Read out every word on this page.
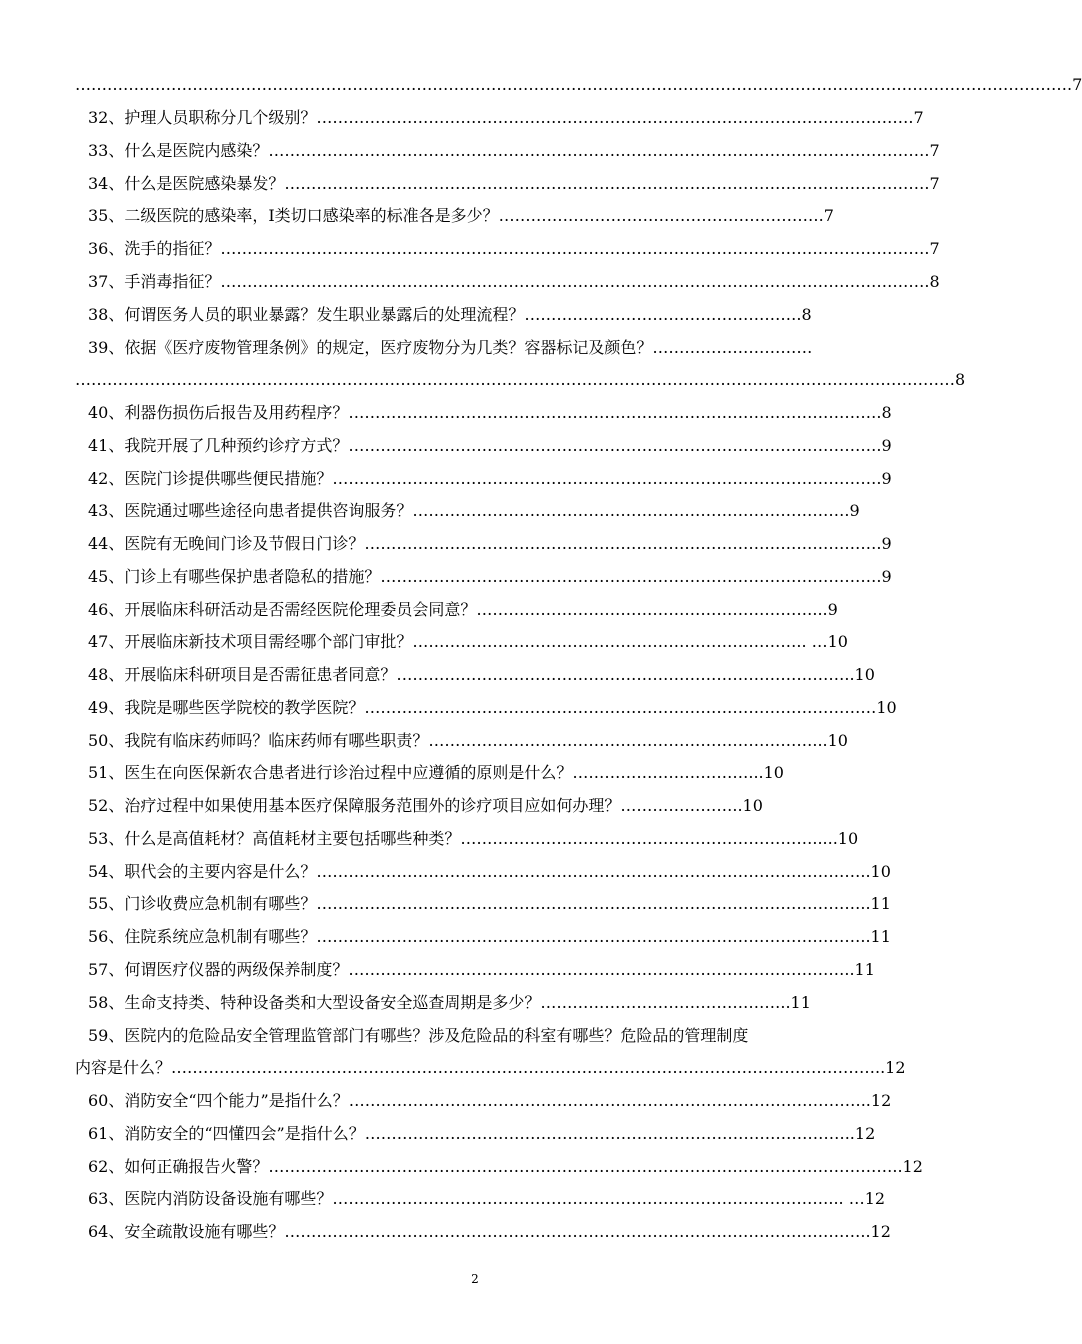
…………………………………………………………………………………………………………………………………………………………………….7
32、护理人员职称分几个级别？………………………………………………………………………………………………….7
33、什么是医院内感染？…………………………………………………………………………………………………………….7
34、什么是医院感染暴发？………………………………………………………………………………………………………….7
35、二级医院的感染率，I类切口感染率的标准各是多少？…………………………………………………….7
36、洗手的指征？…………………………………………………………………………………………………………………….7
37、手消毒指征？…………………………………………………………………………………………………………………….8
38、何谓医务人员的职业暴露？发生职业暴露后的处理流程？…………………………………………….8
39、依据《医疗废物管理条例》的规定，医疗废物分为几类？容器标记及颜色？…………………………
…………………………………………………………………………………………………………………………………………………8
40、利器伤损伤后报告及用药程序？……………………………………………………………………………………….8
41、我院开展了几种预约诊疗方式？……………………………………………………………………………………….9
42、医院门诊提供哪些便民措施？………………………………………………………………………………………….9
43、医院通过哪些途径向患者提供咨询服务？……………………………………………………………………….9
44、医院有无晚间门诊及节假日门诊？…………………………………………………………………………………….9
45、门诊上有哪些保护患者隐私的措施？………………………………………………………………………………….9
46、开展临床科研活动是否需经医院伦理委员会同意？………………………………………………………...9
47、开展临床新技术项目需经哪个部门审批？……………………………………………………………….. …10
48、开展临床科研项目是否需征患者同意？…………………………………………………………………………..10
49、我院是哪些医学院校的教学医院？……………………………………………………………………………………10
50、我院有临床药师吗？临床药师有哪些职责？………………………………………………………………...10
51、医生在向医保新农合患者进行诊治过程中应遵循的原则是什么？……………………………...10
52、治疗过程中如果使用基本医疗保障服务范围外的诊疗项目应如何办理？…………………..10
53、什么是高值耗材？高值耗材主要包括哪些种类？………………………………………………………….....10
54、职代会的主要内容是什么？…………………………………………………………………………………………..10
55、门诊收费应急机制有哪些？…………………………………………………………………………………………..11
56、住院系统应急机制有哪些？…………………………………………………………………………………………..11
57、何谓医疗仪器的两级保养制度？…………………………………………………………………………………..11
58、生命支持类、特种设备类和大型设备安全巡查周期是多少？………………………………………..11
59、医院内的危险品安全管理监管部门有哪些？涉及危险品的科室有哪些？危险品的管理制度
内容是什么？……………………………………………………………………………………………………………………..12
60、消防安全“四个能力”是指什么？……………………………………………………………………………………..12
61、消防安全的“四懂四会”是指什么？………………………………………………………………………………..12
62、如何正确报告火警？………………………………………………………………………………………………………..12
63、医院内消防设备设施有哪些？…………………………………………………………………………………... …12
64、安全疏散设施有哪些？………………………………………………………………………………………………..12
2
